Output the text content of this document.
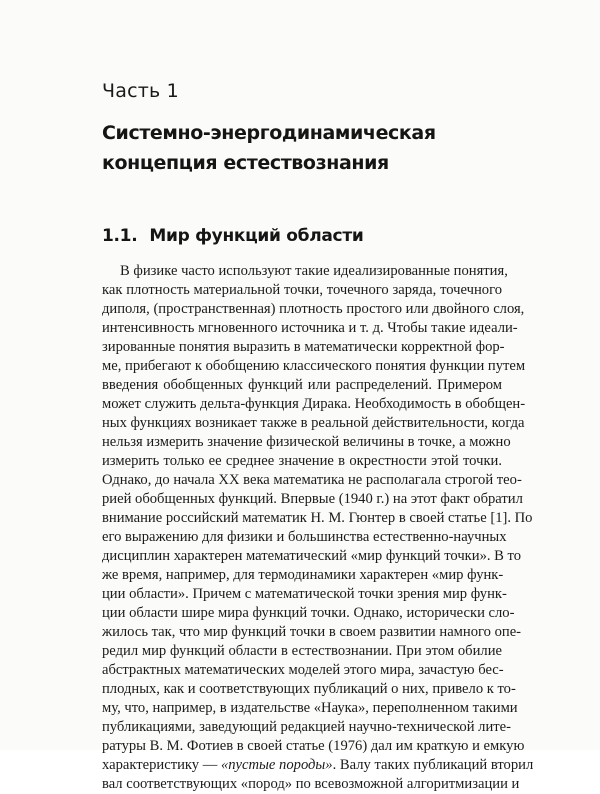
Часть 1
Системно-энергодинамическая
концепция естествознания
1.1. Мир функций области
В физике часто используют такие идеализированные понятия,
как плотность материальной точки, точечного заряда, точечного
диполя, (пространственная) плотность простого или двойного слоя,
интенсивность мгновенного источника и т. д. Чтобы такие идеали-
зированные понятия выразить в математически корректной фор-
ме, прибегают к обобщению классического понятия функции путем
введения обобщенных функций или распределений. Примером
может служить дельта-функция Дирака. Необходимость в обобщен-
ных функциях возникает также в реальной действительности, когда
нельзя измерить значение физической величины в точке, а можно
измерить только ее среднее значение в окрестности этой точки.
Однако, до начала XX века математика не располагала строгой тео-
рией обобщенных функций. Впервые (1940 г.) на этот факт обратил
внимание российский математик Н. М. Гюнтер в своей статье [1]. По
его выражению для физики и большинства естественно-научных
дисциплин характерен математический «мир функций точки». В то
же время, например, для термодинамики характерен «мир функ-
ции области». Причем с математической точки зрения мир функ-
ции области шире мира функций точки. Однако, исторически сло-
жилось так, что мир функций точки в своем развитии намного опе-
редил мир функций области в естествознании. При этом обилие
абстрактных математических моделей этого мира, зачастую бес-
плодных, как и соответствующих публикаций о них, привело к то-
му, что, например, в издательстве «Наука», переполненном такими
публикациями, заведующий редакцией научно-технической лите-
ратуры В. М. Фотиев в своей статье (1976) дал им краткую и емкую
характеристику — «пустые породы». Валу таких публикаций вторил
вал соответствующих «пород» по всевозможной алгоритмизации и
